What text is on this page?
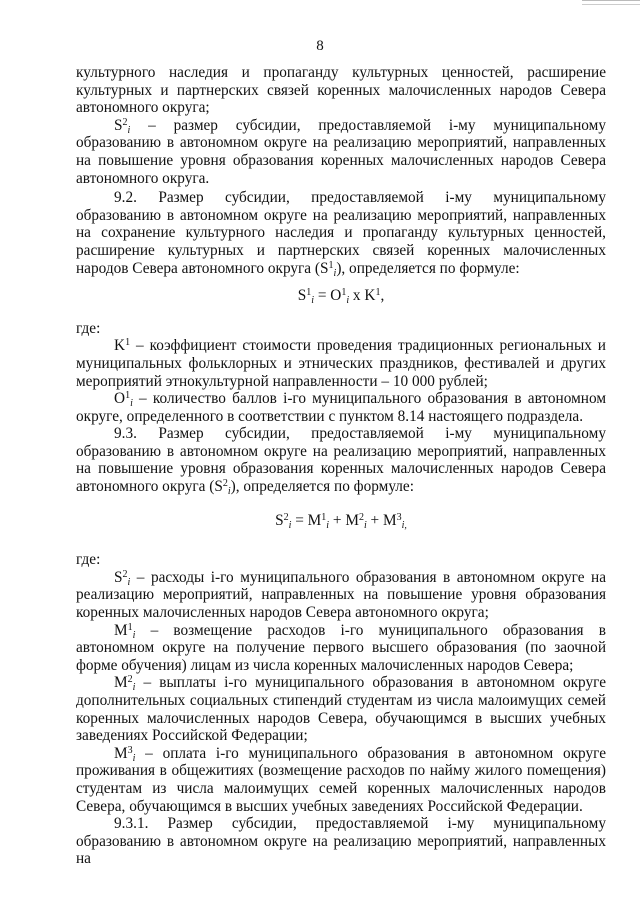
8

культурного наследия и пропаганду культурных ценностей, расширение культурных и партнерских связей коренных малочисленных народов Севера автономного округа;

$S^2_i$ – размер субсидии, предоставляемой i-му муниципальному образованию в автономном округе на реализацию мероприятий, направленных на повышение уровня образования коренных малочисленных народов Севера автономного округа.

9.2. Размер субсидии, предоставляемой i-му муниципальному образованию в автономном округе на реализацию мероприятий, направленных на сохранение культурного наследия и пропаганду культурных ценностей, расширение культурных и партнерских связей коренных малочисленных народов Севера автономного округа $(S^1_i)$, определяется по формуле:

$S^1_i = O^1_i$ x $K^1$,

где:

$K^1$ – коэффициент стоимости проведения традиционных региональных и муниципальных фольклорных и этнических праздников, фестивалей и других мероприятий этнокультурной направленности – 10 000 рублей;

$O^1_i$ – количество баллов i-го муниципального образования в автономном округе, определенного в соответствии с пунктом 8.14 настоящего подраздела.

9.3. Размер субсидии, предоставляемой i-му муниципальному образованию в автономном округе на реализацию мероприятий, направленных на повышение уровня образования коренных малочисленных народов Севера автономного округа $(S^2_i)$, определяется по формуле:

$S^2_i = M^1_i + M^2_i + M^3_{i,}$

где:

$S^2_i$ – расходы i-го муниципального образования в автономном округе на реализацию мероприятий, направленных на повышение уровня образования коренных малочисленных народов Севера автономного округа;

$M^1_i$ – возмещение расходов i-го муниципального образования в автономном округе на получение первого высшего образования (по заочной форме обучения) лицам из числа коренных малочисленных народов Севера;

$M^2_i$ – выплаты i-го муниципального образования в автономном округе дополнительных социальных стипендий студентам из числа малоимущих семей коренных малочисленных народов Севера, обучающимся в высших учебных заведениях Российской Федерации;

$M^3_i$ – оплата i-го муниципального образования в автономном округе проживания в общежитиях (возмещение расходов по найму жилого помещения) студентам из числа малоимущих семей коренных малочисленных народов Севера, обучающимся в высших учебных заведениях Российской Федерации.

9.3.1. Размер субсидии, предоставляемой i-му муниципальному образованию в автономном округе на реализацию мероприятий, направленных на
